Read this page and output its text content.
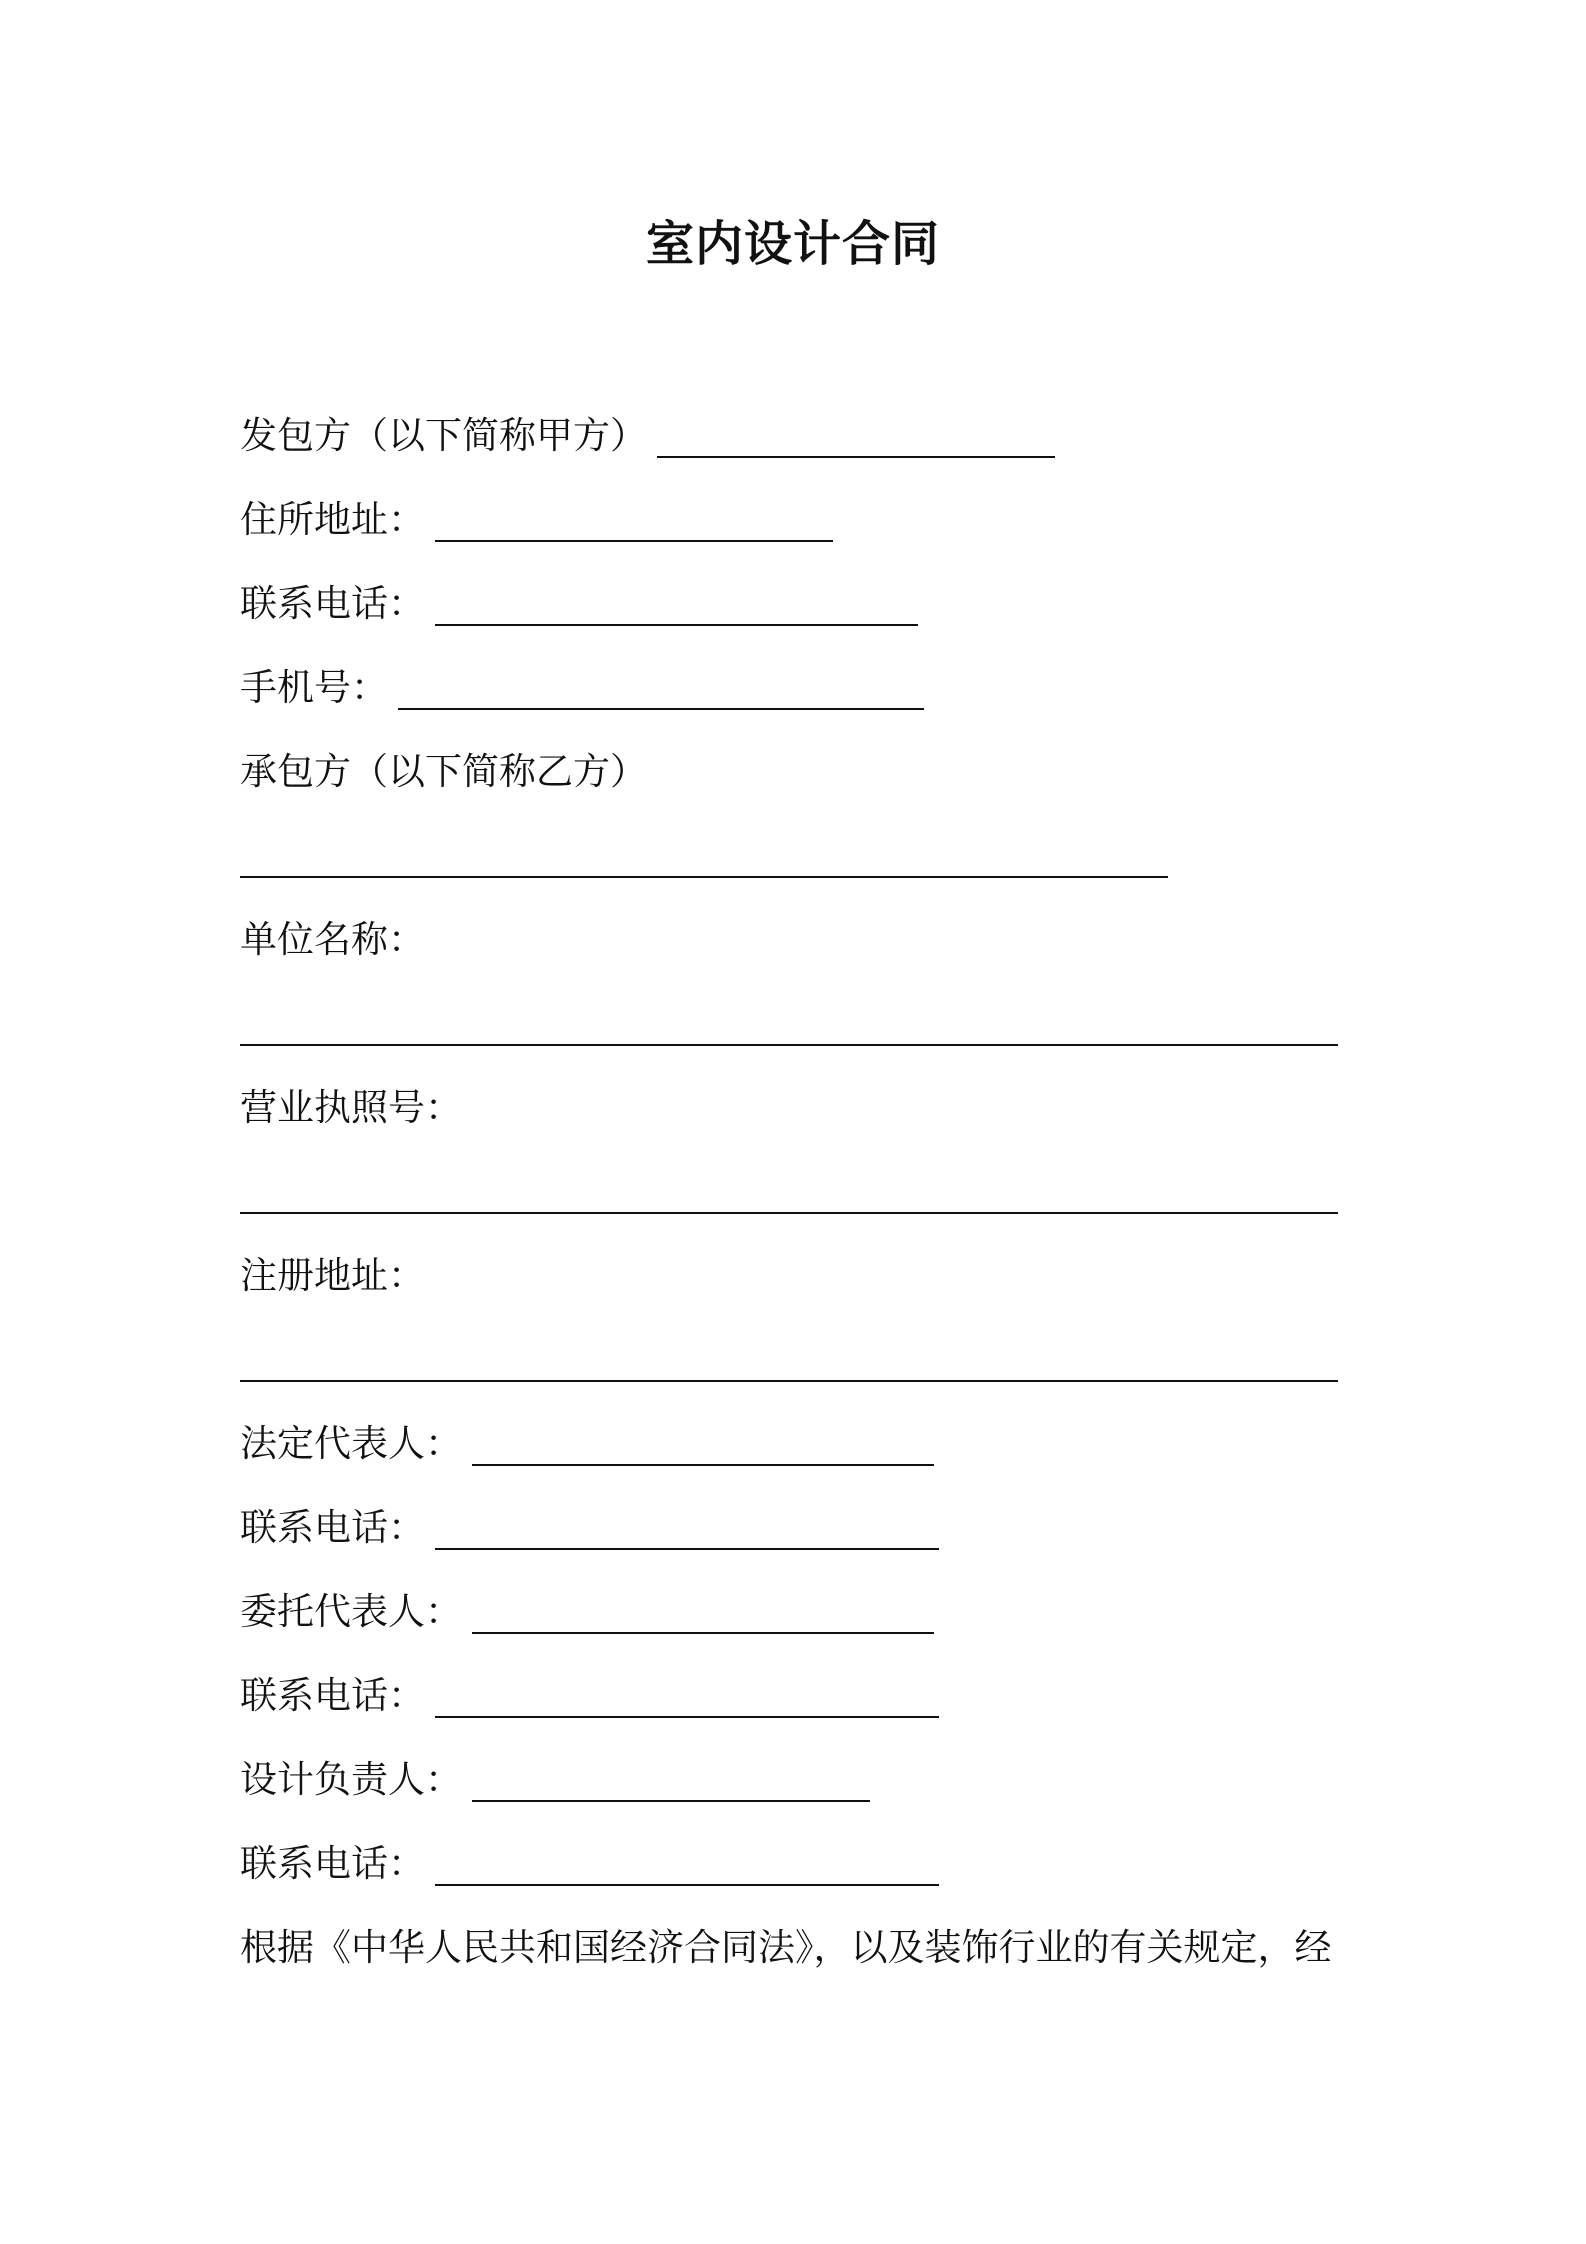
室内设计合同
发包方（以下简称甲方）
住所地址：
联系电话：
手机号：
承包方（以下简称乙方）
单位名称：
营业执照号：
注册地址：
法定代表人：
联系电话：
委托代表人：
联系电话：
设计负责人：
联系电话：
根据《中华人民共和国经济合同法》，以及装饰行业的有关规定，经
